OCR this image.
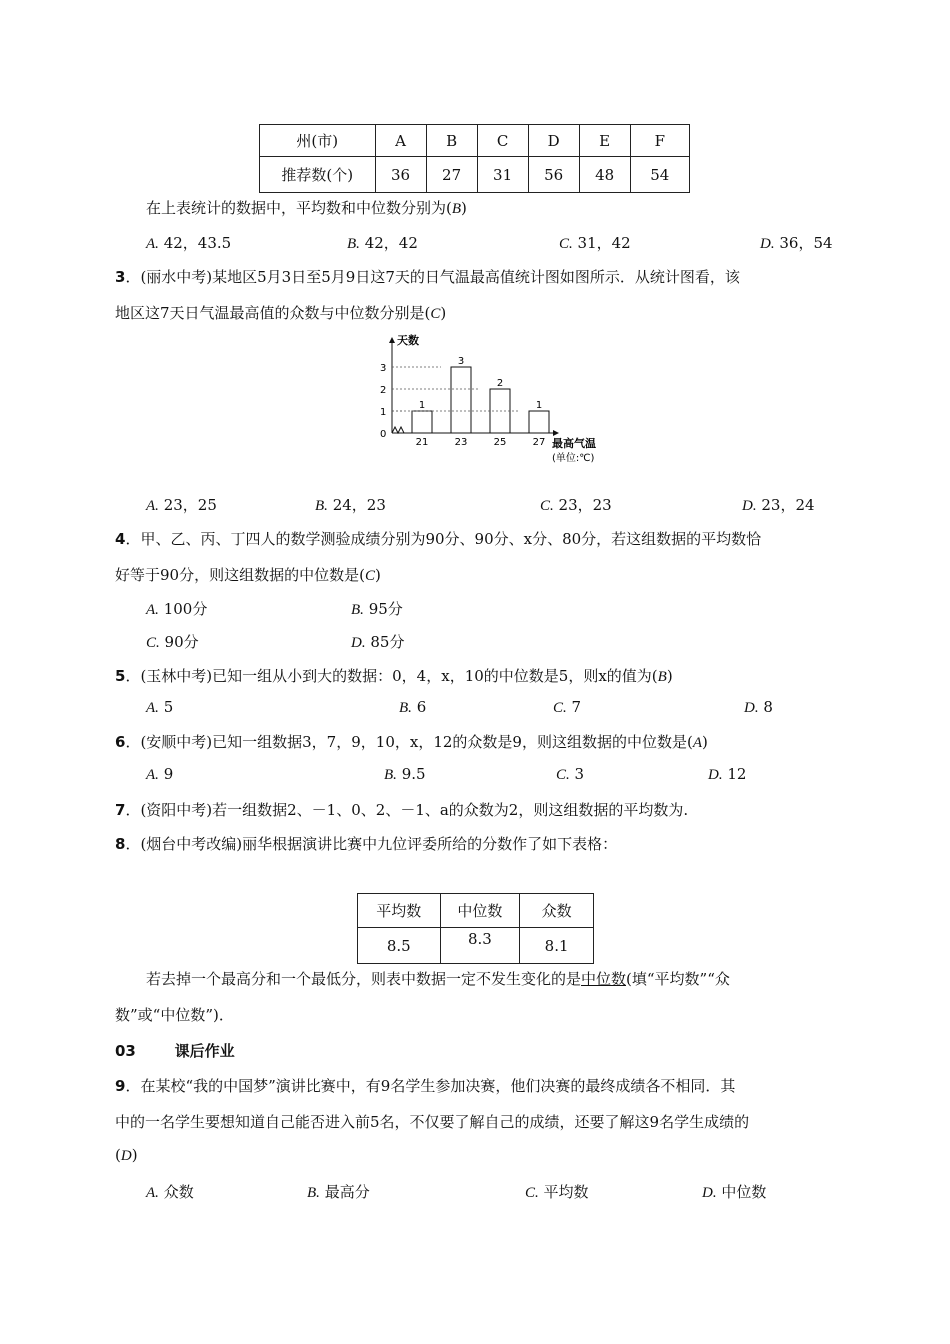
州(市)	A	B	C	D	E	F
推荐数(个)	36	27	31	56	48	54
在上表统计的数据中，平均数和中位数分别为(B)
A. 42，43.5	B. 42，42	C. 31，42	D. 36，54
3．(丽水中考)某地区5月3日至5月9日这7天的日气温最高值统计图如图所示．从统计图看，该
地区这7天日气温最高值的众数与中位数分别是(C)
天数
0
1
2
3
1
21
3
23
2
25
1
27 最高气温
(单位:℃)
A. 23，25	B. 24，23	C. 23，23	D. 23，24
4．甲、乙、丙、丁四人的数学测验成绩分别为90分、90分、x分、80分，若这组数据的平均数恰
好等于90分，则这组数据的中位数是(C)
A. 100分	B. 95分
C. 90分	D. 85分
5．(玉林中考)已知一组从小到大的数据：0，4，x，10的中位数是5，则x的值为(B)
A. 5	B. 6	C. 7	D. 8
6．(安顺中考)已知一组数据3，7，9，10，x，12的众数是9，则这组数据的中位数是(A)
A. 9	B. 9.5	C. 3	D. 12
7．(资阳中考)若一组数据2、－1、0、2、－1、a的众数为2，则这组数据的平均数为.
8．(烟台中考改编)丽华根据演讲比赛中九位评委所给的分数作了如下表格：
平均数	中位数	众数
8.5	8.3	8.1
若去掉一个最高分和一个最低分，则表中数据一定不发生变化的是中位数(填“平均数”“众
数”或“中位数”)．
03	课后作业
9．在某校“我的中国梦”演讲比赛中，有9名学生参加决赛，他们决赛的最终成绩各不相同．其
中的一名学生要想知道自己能否进入前5名，不仅要了解自己的成绩，还要了解这9名学生成绩的
(D)
A. 众数	B. 最高分	C. 平均数	D. 中位数
